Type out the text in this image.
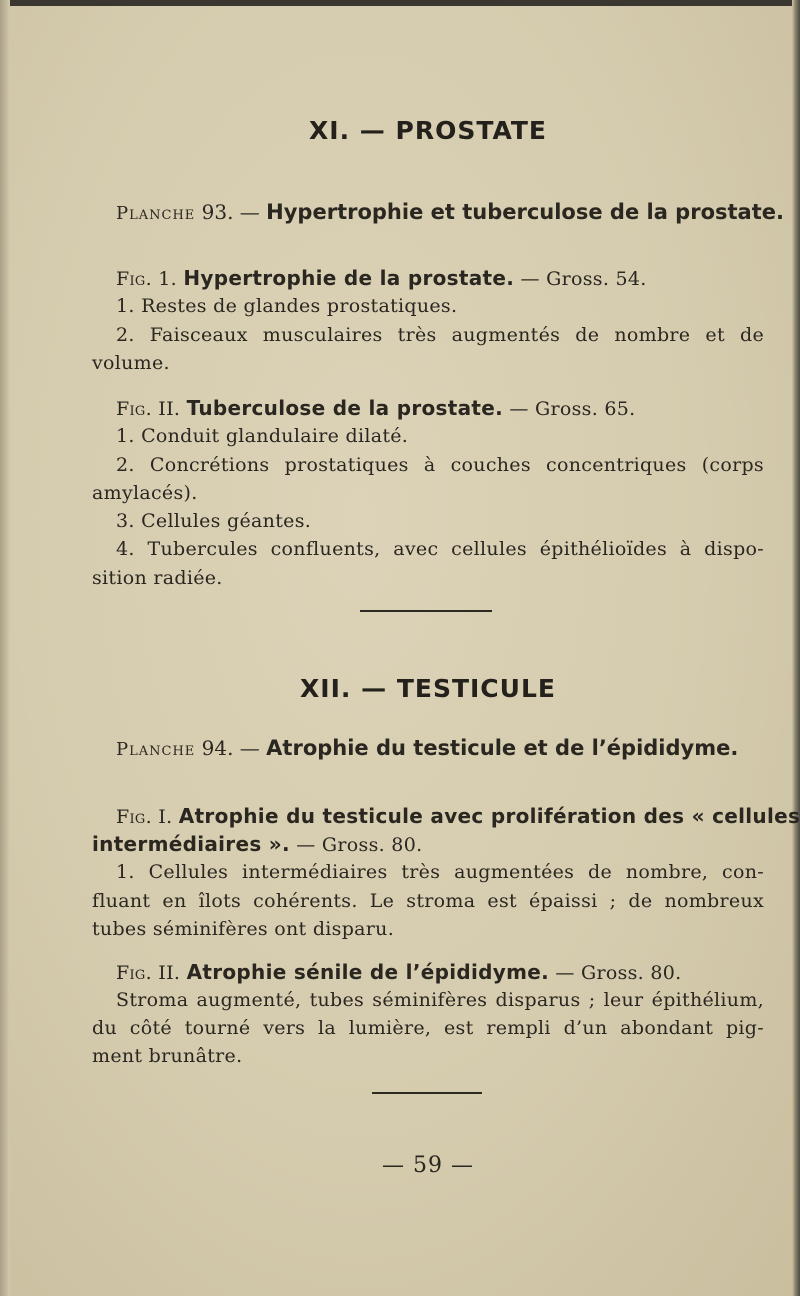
XI. — PROSTATE
Planche 93. — Hypertrophie et tuberculose de la prostate.
Fig. 1. Hypertrophie de la prostate. — Gross. 54.
1. Restes de glandes prostatiques.
2. Faisceaux musculaires très augmentés de nombre et de
volume.
Fig. II. Tuberculose de la prostate. — Gross. 65.
1. Conduit glandulaire dilaté.
2. Concrétions prostatiques à couches concentriques (corps
amylacés).
3. Cellules géantes.
4. Tubercules confluents, avec cellules épithélioïdes à dispo-
sition radiée.
XII. — TESTICULE
Planche 94. — Atrophie du testicule et de l’épididyme.
Fig. I. Atrophie du testicule avec prolifération des « cellules
intermédiaires ». — Gross. 80.
1. Cellules intermédiaires très augmentées de nombre, con-
fluant en îlots cohérents. Le stroma est épaissi ; de nombreux
tubes séminifères ont disparu.
Fig. II. Atrophie sénile de l’épididyme. — Gross. 80.
Stroma augmenté, tubes séminifères disparus ; leur épithélium,
du côté tourné vers la lumière, est rempli d’un abondant pig-
ment brunâtre.
— 59 —
